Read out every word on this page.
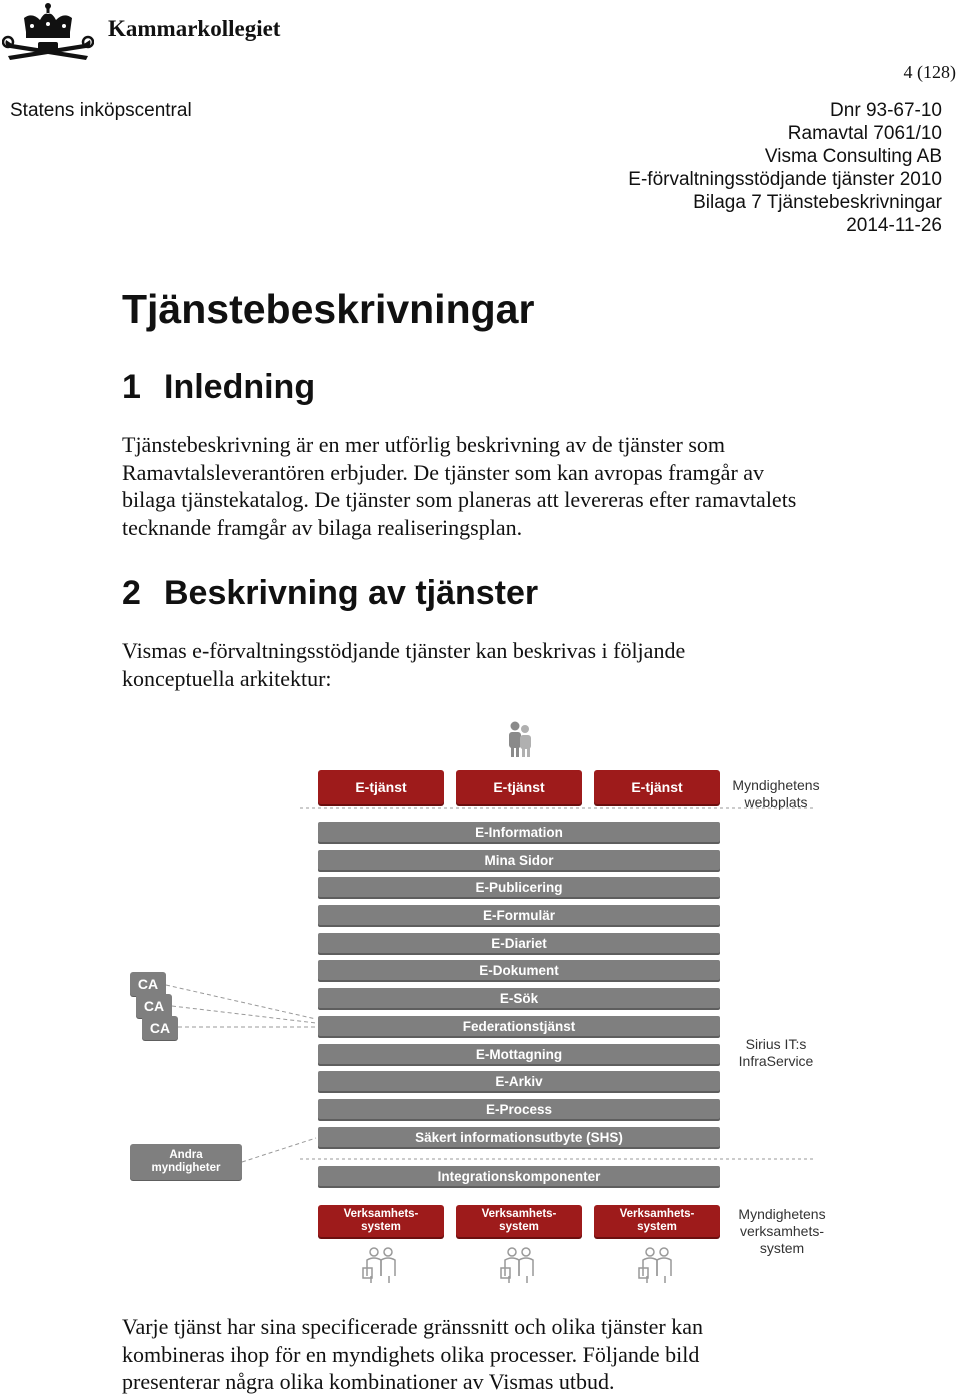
Kammarkollegiet
4 (128)
Statens inköpscentral	Dnr 93-67-10
Ramavtal 7061/10
Visma Consulting AB
E-förvaltningsstödjande tjänster 2010
Bilaga 7 Tjänstebeskrivningar
2014-11-26
Tjänstebeskrivningar
1 Inledning
Tjänstebeskrivning är en mer utförlig beskrivning av de tjänster som
Ramavtalsleverantören erbjuder. De tjänster som kan avropas framgår av
bilaga tjänstekatalog. De tjänster som planeras att levereras efter ramavtalets
tecknande framgår av bilaga realiseringsplan.
2 Beskrivning av tjänster
Vismas e-förvaltningsstödjande tjänster kan beskrivas i följande
konceptuella arkitektur:
E-tjänst	E-tjänst	E-tjänst	Myndighetens
webbplats
E-Information
Mina Sidor
E-Publicering
E-Formulär
E-Diariet
E-Dokument
E-Sök
Federationstjänst
E-Mottagning
E-Arkiv
E-Process
Säkert informationsutbyte (SHS)
Integrationskomponenter
CA
CA
CA
Andra
myndigheter
Sirius IT:s
InfraService
Verksamhets-
system
Verksamhets-
system
Verksamhets-
system
Myndighetens
verksamhets-
system
Varje tjänst har sina specificerade gränssnitt och olika tjänster kan
kombineras ihop för en myndighets olika processer. Följande bild
presenterar några olika kombinationer av Vismas utbud.
